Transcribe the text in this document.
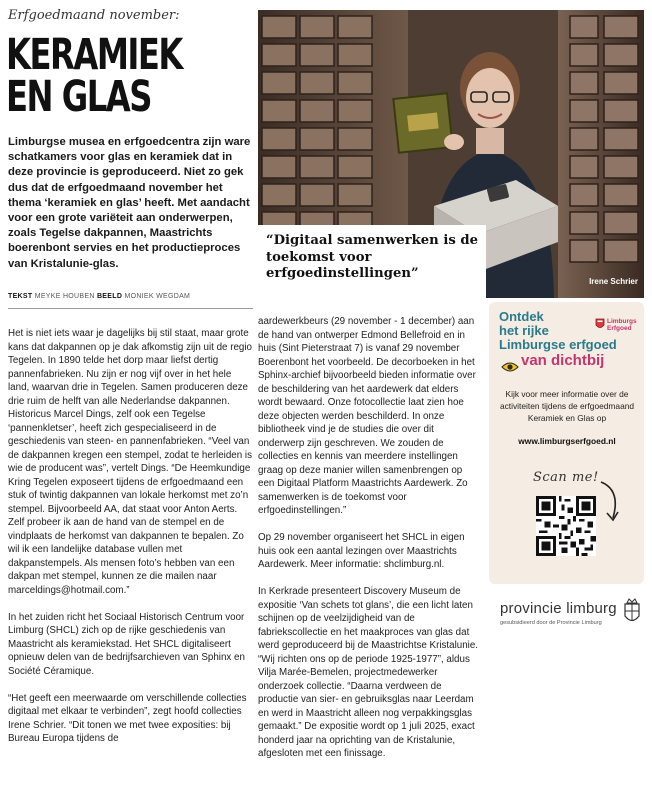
Erfgoedmaand november:
KERAMIEK
EN GLAS

Limburgse musea en erfgoedcentra zijn ware schatkamers voor glas en keramiek dat in deze provincie is geproduceerd. Niet zo gek dus dat de erfgoedmaand november het thema ‘keramiek en glas’ heeft. Met aandacht voor een grote variëteit aan onderwerpen, zoals Tegelse dakpannen, Maastrichts boerenbont servies en het productieproces van Kristalunie-glas.

TEKST MEYKE HOUBEN BEELD MONIEK WEGDAM
Irene Schrier
“Digitaal samenwerken is de toekomst voor erfgoedinstellingen”

Het is niet iets waar je dagelijks bij stil staat, maar grote kans dat dakpannen op je dak afkomstig zijn uit de regio Tegelen. In 1890 telde het dorp maar liefst dertig pannenfabrieken. Nu zijn er nog vijf over in het hele land, waarvan drie in Tegelen. Samen produceren deze drie ruim de helft van alle Nederlandse dakpannen. Historicus Marcel Dings, zelf ook een Tegelse ‘pannenkletser’, heeft zich gespecialiseerd in de geschiedenis van steen- en pannenfabrieken. “Veel van de dakpannen kregen een stempel, zodat te herleiden is wie de producent was”, vertelt Dings. “De Heemkundige Kring Tegelen exposeert tijdens de erfgoedmaand een stuk of twintig dakpannen van lokale herkomst met zo’n stempel. Bijvoorbeeld AA, dat staat voor Anton Aerts. Zelf probeer ik aan de hand van de stempel en de vindplaats de herkomst van dakpannen te bepalen. Zo wil ik een landelijke database vullen met dakpanstempels. Als mensen foto’s hebben van een dakpan met stempel, kunnen ze die mailen naar marceldings@hotmail.com.”

In het zuiden richt het Sociaal Historisch Centrum voor Limburg (SHCL) zich op de rijke geschiedenis van Maastricht als keramiekstad. Het SHCL digitaliseert opnieuw delen van de bedrijfsarchieven van Sphinx en Société Céramique.

“Het geeft een meerwaarde om verschillende collecties digitaal met elkaar te verbinden”, zegt hoofd collecties Irene Schrier. “Dit tonen we met twee exposities: bij Bureau Europa tijdens de

aardewerkbeurs (29 november - 1 december) aan de hand van ontwerper Edmond Bellefroid en in huis (Sint Pieterstraat 7) is vanaf 29 november Boerenbont het voorbeeld. De decorboeken in het Sphinx-archief bijvoorbeeld bieden informatie over de beschildering van het aardewerk dat elders wordt bewaard. Onze fotocollectie laat zien hoe deze objecten werden beschilderd. In onze bibliotheek vind je de studies die over dit onderwerp zijn geschreven. We zouden de collecties en kennis van meerdere instellingen graag op deze manier willen samenbrengen op een Digitaal Platform Maastrichts Aardewerk. Zo samenwerken is de toekomst voor erfgoedinstellingen.”

Op 29 november organiseert het SHCL in eigen huis ook een aantal lezingen over Maastrichts Aardewerk. Meer informatie: shclimburg.nl.

In Kerkrade presenteert Discovery Museum de expositie ‘Van schets tot glans’, die een licht laten schijnen op de veelzijdigheid van de fabriekscollectie en het maakproces van glas dat werd geproduceerd bij de Maastrichtse Kristalunie. “Wij richten ons op de periode 1925-1977”, aldus Vilja Marée-Bemelen, projectmedewerker onderzoek collectie. “Daarna verdween de productie van sier- en gebruiksglas naar Leerdam en werd in Maastricht alleen nog verpakkingsglas gemaakt.” De expositie wordt op 1 juli 2025, exact honderd jaar na oprichting van de Kristalunie, afgesloten met een finissage.

Ontdek
het rijke
Limburgse erfgoed
van dichtbij
Limburgs
Erfgoed
Kijk voor meer informatie over de activiteiten tijdens de erfgoedmaand Keramiek en Glas op
www.limburgserfgoed.nl
Scan me!
provincie limburg
gesubsidieerd door de Provincie Limburg
